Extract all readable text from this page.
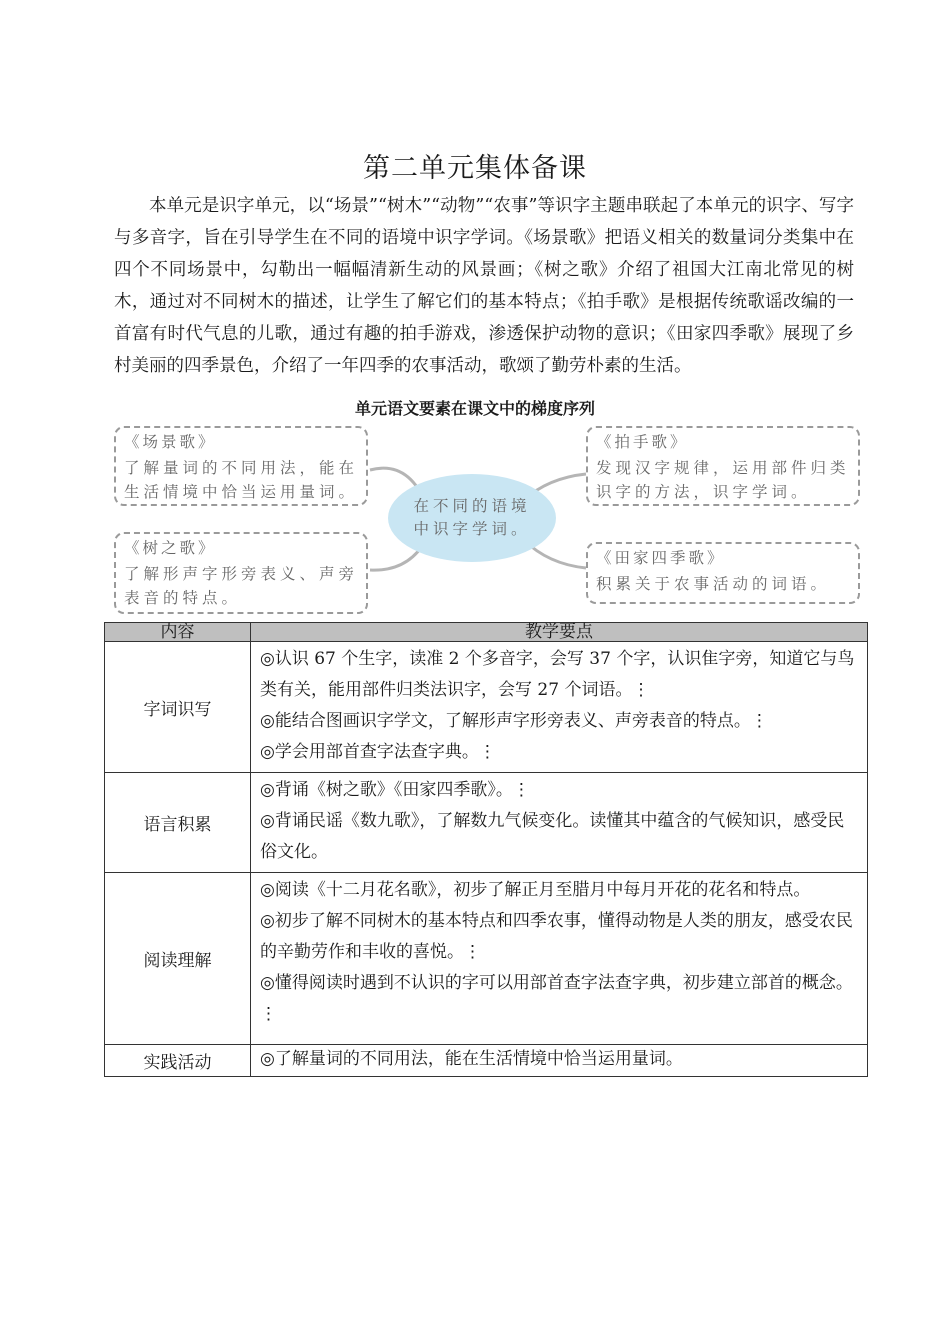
第二单元集体备课

本单元是识字单元，以“场景”“树木”“动物”“农事”等识字主题串联起了本单元的识字、写字与多音字，旨在引导学生在不同的语境中识字学词。《场景歌》把语义相关的数量词分类集中在四个不同场景中，勾勒出一幅幅清新生动的风景画；《树之歌》介绍了祖国大江南北常见的树木，通过对不同树木的描述，让学生了解它们的基本特点；《拍手歌》是根据传统歌谣改编的一首富有时代气息的儿歌，通过有趣的拍手游戏，渗透保护动物的意识；《田家四季歌》展现了乡村美丽的四季景色，介绍了一年四季的农事活动，歌颂了勤劳朴素的生活。

单元语文要素在课文中的梯度序列
《场景歌》
了解量词的不同用法，能在生活情境中恰当运用量词。
《拍手歌》
发现汉字规律，运用部件归类识字的方法，识字学词。
《树之歌》
了解形声字形旁表义、声旁表音的特点。
《田家四季歌》
积累关于农事活动的词语。
在不同的语境中识字学词。
内容	教学要点
字词识写	◎认识 67 个生字，读准 2 个多音字，会写 37 个字，认识隹字旁，知道它与鸟类有关，能用部件归类法识字，会写 27 个词语。⋮
◎能结合图画识字学文，了解形声字形旁表义、声旁表音的特点。⋮
◎学会用部首查字法查字典。⋮

语言积累	◎背诵《树之歌》《田家四季歌》。⋮
◎背诵民谣《数九歌》，了解数九气候变化。读懂其中蕴含的气候知识，感受民俗文化。

阅读理解	◎阅读《十二月花名歌》，初步了解正月至腊月中每月开花的花名和特点。
◎初步了解不同树木的基本特点和四季农事，懂得动物是人类的朋友，感受农民的辛勤劳作和丰收的喜悦。⋮
◎懂得阅读时遇到不认识的字可以用部首查字法查字典，初步建立部首的概念。⋮

实践活动	◎了解量词的不同用法，能在生活情境中恰当运用量词。
